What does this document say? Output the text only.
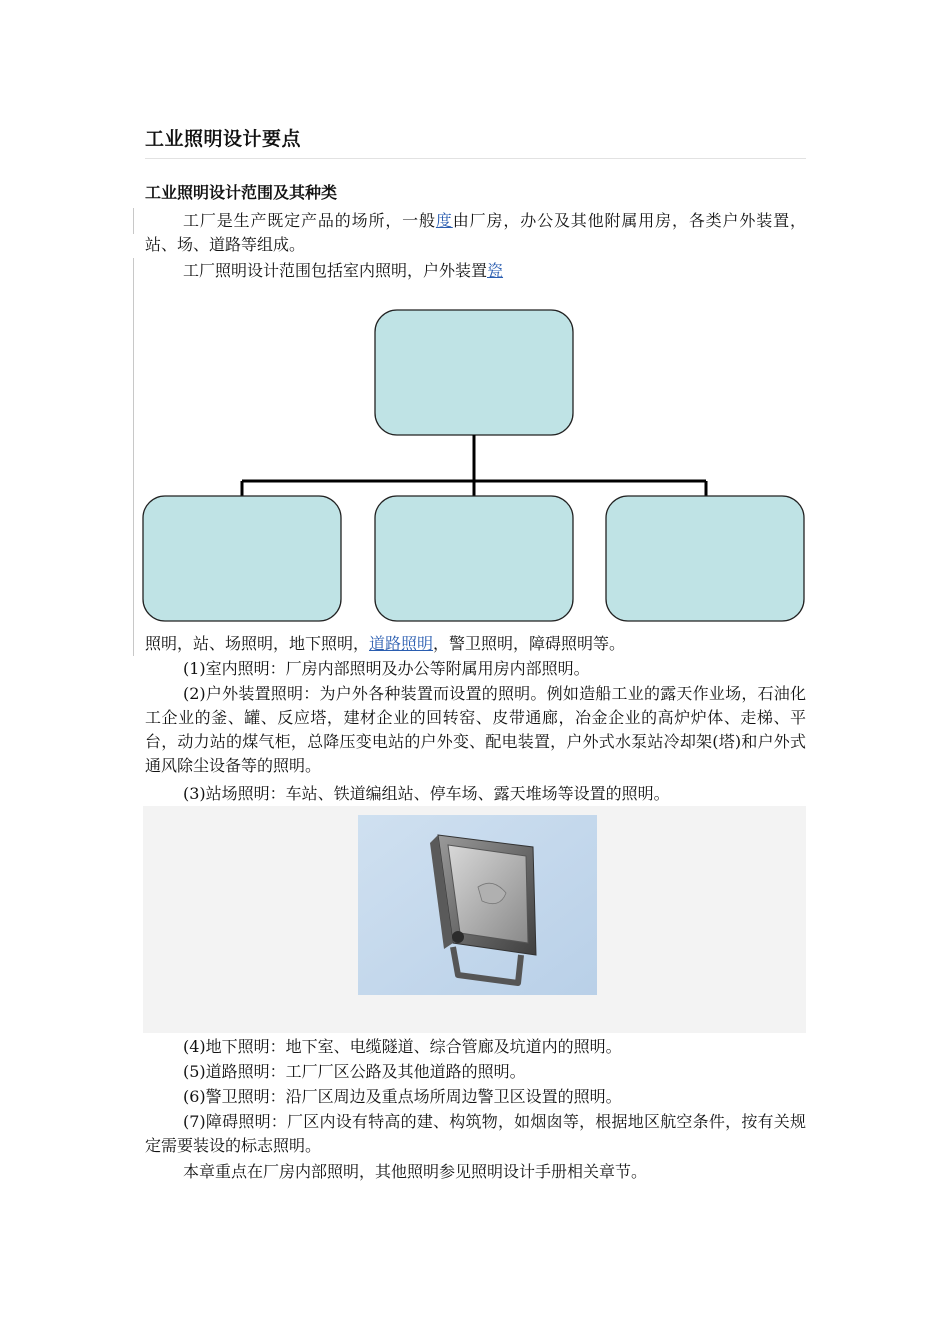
工业照明设计要点
工业照明设计范围及其种类

工厂是生产既定产品的场所，一般度由厂房，办公及其他附属用房，各类户外装置，站、场、道路等组成。

工厂照明设计范围包括室内照明，户外装置瓷

照明，站、场照明，地下照明，道路照明，警卫照明，障碍照明等。

(1)室内照明：厂房内部照明及办公等附属用房内部照明。

(2)户外装置照明：为户外各种装置而设置的照明。例如造船工业的露天作业场，石油化工企业的釜、罐、反应塔，建材企业的回转窑、皮带通廊，冶金企业的高炉炉体、走梯、平台，动力站的煤气柜，总降压变电站的户外变、配电装置，户外式水泵站冷却架(塔)和户外式通风除尘设备等的照明。

(3)站场照明：车站、铁道编组站、停车场、露天堆场等设置的照明。

(4)地下照明：地下室、电缆隧道、综合管廊及坑道内的照明。

(5)道路照明：工厂厂区公路及其他道路的照明。

(6)警卫照明：沿厂区周边及重点场所周边警卫区设置的照明。

(7)障碍照明：厂区内设有特高的建、构筑物，如烟囱等，根据地区航空条件，按有关规定需要装设的标志照明。

本章重点在厂房内部照明，其他照明参见照明设计手册相关章节。
